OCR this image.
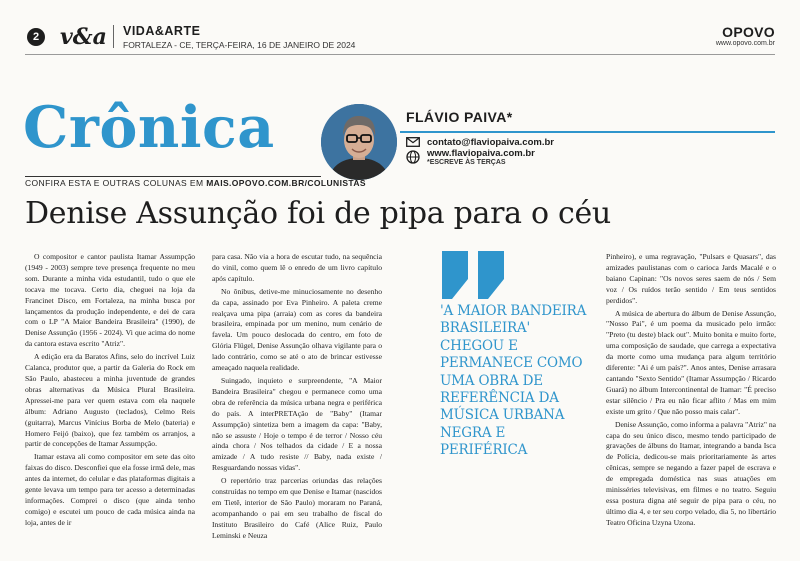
2 v&a VIDA&ARTE
FORTALEZA - CE, TERÇA-FEIRA, 16 DE JANEIRO DE 2024
OPOVO
www.opovo.com.br
Crônica	FLÁVIO PAIVA*
contato@flaviopaiva.com.br
www.flaviopaiva.com.br
*ESCREVE ÀS TERÇAS
CONFIRA ESTA E OUTRAS COLUNAS EM MAIS.OPOVO.COM.BR/COLUNISTAS
Denise Assunção foi de pipa para o céu

O compositor e cantor paulista Itamar Assumpção (1949 - 2003) sempre teve presença frequente no meu som. Durante a minha vida estudantil, tudo o que ele tocava me tocava. Certo dia, cheguei na loja da Francinet Disco, em Fortaleza, na minha busca por lançamentos da produção independente, e dei de cara com o LP "A Maior Bandeira Brasileira" (1990), de Denise Assunção (1956 - 2024). Vi que acima do nome da cantora estava escrito "Atriz".

A edição era da Baratos Afins, selo do incrível Luiz Calanca, produtor que, a partir da Galeria do Rock em São Paulo, abasteceu a minha juventude de grandes obras alternativas da Música Plural Brasileira. Apressei-me para ver quem estava com ela naquele álbum: Adriano Augusto (teclados), Celmo Reis (guitarra), Marcus Vinícius Borba de Melo (bateria) e Homero Feijó (baixo), que fez também os arranjos, a partir de concepções de Itamar Assumpção.

Itamar estava ali como compositor em sete das oito faixas do disco. Desconfiei que ela fosse irmã dele, mas antes da internet, do celular e das plataformas digitais a gente levava um tempo para ter acesso a determinadas informações. Comprei o disco (que ainda tenho comigo) e escutei um pouco de cada música ainda na loja, antes de ir

para casa. Não via a hora de escutar tudo, na sequência do vinil, como quem lê o enredo de um livro capítulo após capítulo.

No ônibus, detive-me minuciosamente no desenho da capa, assinado por Eva Pinheiro. A paleta creme realçava uma pipa (arraia) com as cores da bandeira brasileira, empinada por um menino, num cenário de favela. Um pouco deslocada do centro, em foto de Glória Flügel, Denise Assunção olhava vigilante para o lado contrário, como se até o ato de brincar estivesse ameaçado naquela realidade.

Suingado, inquieto e surpreendente, "A Maior Bandeira Brasileira" chegou e permanece como uma obra de referência da música urbana negra e periférica do país. A interPRETAção de "Baby" (Itamar Assumpção) sintetiza bem a imagem da capa: "Baby, não se assuste / Hoje o tempo é de terror / Nosso céu ainda chora / Nos telhados da cidade / E a nossa amizade / A tudo resiste // Baby, nada existe / Resguardando nossas vidas".

O repertório traz parcerias oriundas das relações construídas no tempo em que Denise e Itamar (nascidos em Tietê, interior de São Paulo) moraram no Paraná, acompanhando o pai em seu trabalho de fiscal do Instituto Brasileiro do Café (Alice Ruiz, Paulo Leminski e Neuza

'A MAIOR BANDEIRA BRASILEIRA' CHEGOU E PERMANECE COMO UMA OBRA DE REFERÊNCIA DA MÚSICA URBANA NEGRA E PERIFÉRICA

Pinheiro), e uma regravação, "Pulsars e Quasars", das amizades paulistanas com o carioca Jards Macalé e o baiano Capinan: "Os novos seres saem de nós / Sem voz / Os ruídos terão sentido / Em teus sentidos perdidos".

A música de abertura do álbum de Denise Assunção, "Nosso Pai", é um poema da musicado pelo irmão: "Preto (tu deste) black out". Muito bonita e muito forte, uma composição de saudade, que carrega a expectativa da morte como uma mudança para algum território diferente: "Ai é um país?". Anos antes, Denise arrasara cantando "Sexto Sentido" (Itamar Assumpção / Ricardo Guará) no álbum Intercontinental de Itamar: "É preciso estar silêncio / Pra eu não ficar aflito / Mas em mim existe um grito / Que não posso mais calar".

Denise Assunção, como informa a palavra "Atriz" na capa do seu único disco, mesmo tendo participado de gravações de álbuns do Itamar, integrando a banda Isca de Polícia, dedicou-se mais prioritariamente às artes cênicas, sempre se negando a fazer papel de escrava e de empregada doméstica nas suas atuações em minisséries televisivas, em filmes e no teatro. Seguiu essa postura digna até seguir de pipa para o céu, no último dia 4, e ter seu corpo velado, dia 5, no libertário Teatro Oficina Uzyna Uzona.
